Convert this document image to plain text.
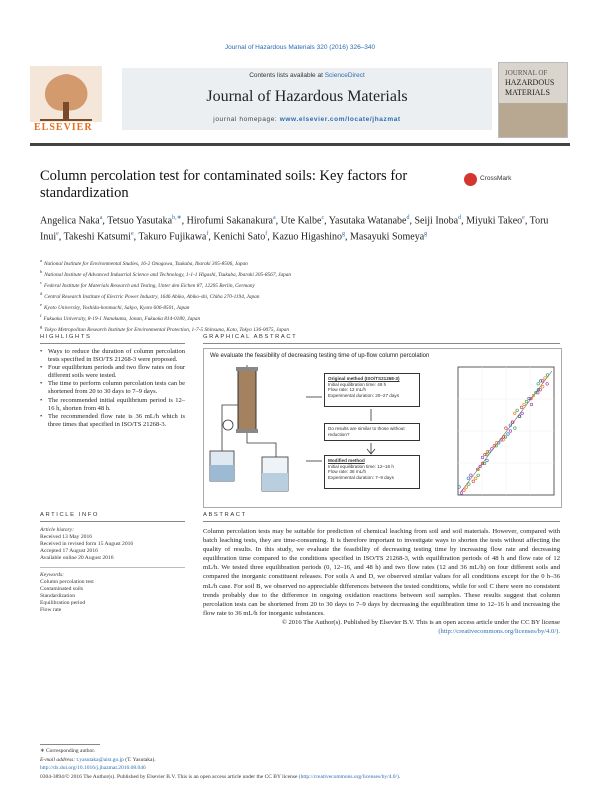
Journal of Hazardous Materials 320 (2016) 326–340
ELSEVIER
Contents lists available at ScienceDirect
Journal of Hazardous Materials
journal homepage: www.elsevier.com/locate/jhazmat
JOURNAL OF
HAZARDOUS
MATERIALS
Column percolation test for contaminated soils: Key factors for standardization
CrossMark
Angelica Naka$^a$, Tetsuo Yasutaka$^{b,∗}$, Hirofumi Sakanakura$^a$, Ute Kalbe$^c$, Yasutaka Watanabe$^d$, Seiji Inoba$^d$, Miyuki Takeo$^e$, Toru Inui$^e$, Takeshi Katsumi$^e$, Takuro Fujikawa$^f$, Kenichi Sato$^f$, Kazuo Higashino$^g$, Masayuki Someya$^g$
$^a$National Institute for Environmental Studies, 16-2 Onogawa, Tsukuba, Ibaraki 305-8506, Japan
$^b$National Institute of Advanced Industrial Science and Technology, 1-1-1 Higashi, Tsukuba, Ibaraki 305-8567, Japan
$^c$Federal Institute for Materials Research and Testing, Unter den Eichen 87, 12205 Berlin, Germany
$^d$Central Research Institute of Electric Power Industry, 1646 Abiko, Abiko-shi, Chiba 270-1194, Japan
$^e$Kyoto University, Yoshida-honmachi, Sakyo, Kyoto 606-8501, Japan
$^f$Fukuoka University, 8-19-1 Nanakuma, Jonan, Fukuoka 814-0180, Japan
$^g$Tokyo Metropolitan Research Institute for Environmental Protection, 1-7-5 Shinsuna, Koto, Tokyo 136-0075, Japan
HIGHLIGHTS
• Ways to reduce the duration of column percolation tests specified in ISO/TS 21268-3 were proposed.
• Four equilibrium periods and two flow rates on four different soils were tested.
• The time to perform column percolation tests can be shortened from 20 to 30 days to 7–9 days.
• The recommended initial equilibrium period is 12–16 h, shorten from 48 h.
• The recommended flow rate is 36 mL/h which is three times that specified in ISO/TS 21268-3.
GRAPHICAL ABSTRACT
We evaluate the feasibility of decreasing testing time of up-flow column percolation
Original method (ISO/TS21268-3)
Initial equilibration time: 48 h
Flow rate: 12 mL/h
Experimental duration: 20–27 days
Do results are similar to those without reduction?
Modified method
Initial equilibration time: 12–16 h
Flow rate: 36 mL/h
Experimental duration: 7–9 days
ARTICLE INFO
Article history:
Received 13 May 2016
Received in revised form 15 August 2016
Accepted 17 August 2016
Available online 20 August 2016
Keywords:
Column percolation test
Contaminated soils
Standardization
Equilibration period
Flow rate
ABSTRACT
Column percolation tests may be suitable for prediction of chemical leaching from soil and soil materials. However, compared with batch leaching tests, they are time-consuming. It is therefore important to investigate ways to shorten the tests without affecting the quality of results. In this study, we evaluate the feasibility of decreasing testing time by increasing flow rate and decreasing equilibration time compared to the conditions specified in ISO/TS 21268-3, with equilibration periods of 48 h and flow rate of 12 mL/h. We tested three equilibration periods (0, 12–16, and 48 h) and two flow rates (12 and 36 mL/h) on four different soils and compared the inorganic constituent releases. For soils A and D, we observed similar values for all conditions except for the 0 h–36 mL/h case. For soil B, we observed no appreciable differences between the tested conditions, while for soil C there were no consistent trends probably due to the difference in ongoing oxidation reactions between soil samples. These results suggest that column percolation tests can be shortened from 20 to 30 days to 7–9 days by decreasing the equilibration time to 12–16 h and increasing the flow rate to 36 mL/h for inorganic substances.
© 2016 The Author(s). Published by Elsevier B.V. This is an open access article under the CC BY license (http://creativecommons.org/licenses/by/4.0/).
∗ Corresponding author.
E-mail address: t.yasutaka@aist.go.jp (T. Yasutaka).
http://dx.doi.org/10.1016/j.jhazmat.2016.08.046
0304-3894/© 2016 The Author(s). Published by Elsevier B.V. This is an open access article under the CC BY license (http://creativecommons.org/licenses/by/4.0/).
